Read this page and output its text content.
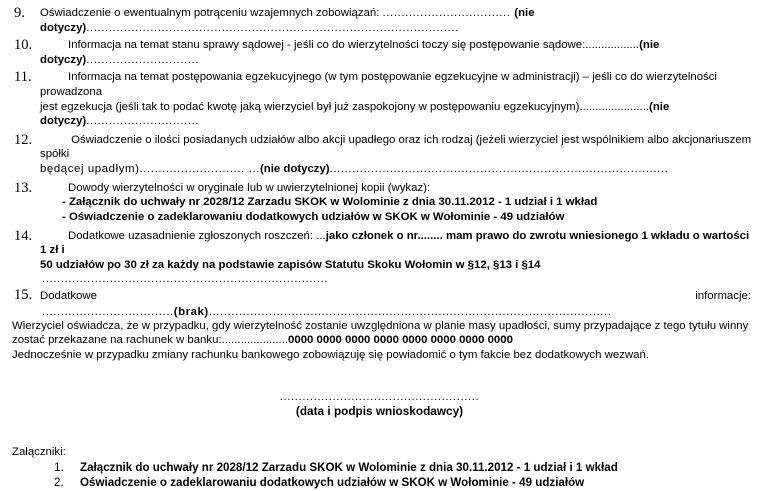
9.	Oświadczenie o ewentualnym potrąceniu wzajemnych zobowiązań: .................................. (nie dotyczy)...................................................................................................
10.	Informacja na temat stanu sprawy sądowej - jeśli co do wierzytelności toczy się postępowanie sądowe:.................(nie
dotyczy)..............................
11.	Informacja na temat postępowania egzekucyjnego (w tym postępowanie egzekucyjne w administracji) – jeśli co do wierzytelności prowadzona
jest egzekucja (jeśli tak to podać kwotę jaką wierzyciel był już zaspokojony w postępowaniu egzekucyjnym)......................(nie
dotyczy)..............................
12.	Oświadczenie o ilości posiadanych udziałów albo akcji upadłego oraz ich rodzaj (jeżeli wierzyciel jest wspólnikiem albo akcjonariuszem spółki
będącej upadłym)............................ ...(nie dotyczy)..........................................................................................
13.	Dowody wierzytelności w oryginale lub w uwierzytelnionej kopii (wykaz):
- Załącznik do uchwały nr 2028/12 Zarzadu SKOK w Wolominie z dnia 30.11.2012 - 1 udział i 1 wkład
- Oświadczenie o zadeklarowaniu dodatkowych udziałów w SKOK w Wołominie - 49 udziałów
14.	Dodatkowe uzasadnienie zgłoszonych roszczeń: ...jako członek o nr........ mam prawo do zwrotu wniesionego 1 wkładu o wartości 1 zł i
50 udziałów po 30 zł za każdy na podstawie zapisów Statutu Skoku Wołomin w §12, §13 i §14
............................................................................
15. Dodatkowe	informacje:
...................................(brak)...........................................................................................................
Wierzyciel oświadcza, że w przypadku, gdy wierzytelność zostanie uwzględniona w planie masy upadłości, sumy przypadające z tego tytułu winny
zostać przekazane na rachunek w banku:.....................0000 0000 0000 0000 0000 0000 0000 0000
Jednocześnie w przypadku zmiany rachunku bankowego zobowiązuję się powiadomić o tym fakcie bez dodatkowych wezwań.
.....................................................
(data i podpis wnioskodawcy)
Załączniki:
1.	Załącznik do uchwały nr 2028/12 Zarzadu SKOK w Wolominie z dnia 30.11.2012 - 1 udział i 1 wkład
2.	Oświadczenie o zadeklarowaniu dodatkowych udziałów w SKOK w Wołominie - 49 udziałów
